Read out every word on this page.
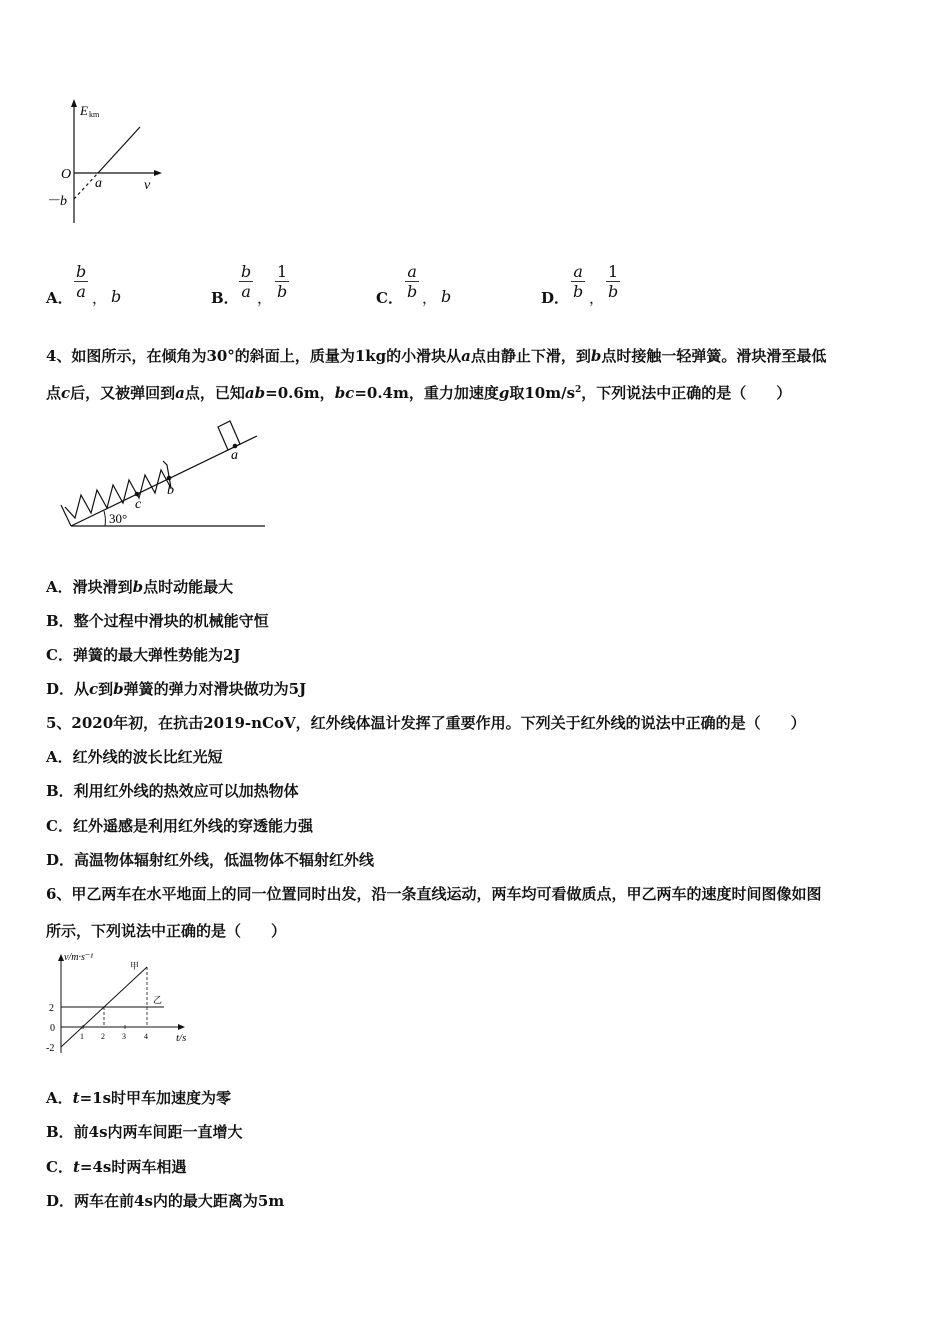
E km
O
a	ν
－b
A． $\frac{b}{a}$ ， b	B． $\frac{b}{a}$ ， $\frac{1}{b}$	C． $\frac{a}{b}$ ， b	D． $\frac{a}{b}$ ， $\frac{1}{b}$
4、如图所示，在倾角为30°的斜面上，质量为1kg的小滑块从a点由静止下滑，到b点时接触一轻弹簧。滑块滑至最低
点c后，又被弹回到a点，已知ab=0.6m，bc=0.4m，重力加速度g取$10m/s^2$，下列说法中正确的是（　　）
c
b
a
30°
A．滑块滑到b点时动能最大
B．整个过程中滑块的机械能守恒
C．弹簧的最大弹性势能为2J
D．从c到b弹簧的弹力对滑块做功为5J
5、2020年初，在抗击2019-nCoV，红外线体温计发挥了重要作用。下列关于红外线的说法中正确的是（　　）
A．红外线的波长比红光短
B．利用红外线的热效应可以加热物体
C．红外遥感是利用红外线的穿透能力强
D．高温物体辐射红外线，低温物体不辐射红外线
6、甲乙两车在水平地面上的同一位置同时出发，沿一条直线运动，两车均可看做质点，甲乙两车的速度时间图像如图
所示，下列说法中正确的是（　　）
v/m·s⁻¹
t/s
甲
乙
2
0
-2
1 2 3 4
A．t=1s时甲车加速度为零
B．前4s内两车间距一直增大
C．t=4s时两车相遇
D．两车在前4s内的最大距离为5m
